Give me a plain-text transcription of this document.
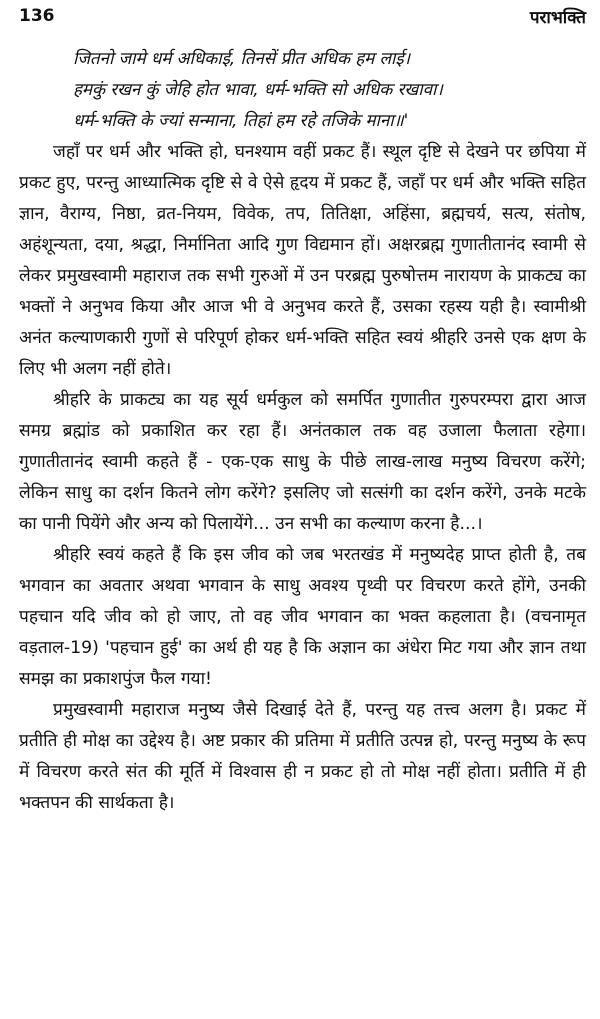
136	पराभक्ति
जितनो जामे धर्म अधिकाई, तिनसें प्रीत अधिक हम लाई।
हमकुं रखन कुं जेहि होत भावा, धर्म-भक्ति सो अधिक रखावा।
धर्म-भक्ति के ज्यां सन्माना, तिहां हम रहे तजिके माना॥'

जहाँ पर धर्म और भक्ति हो, घनश्याम वहीं प्रकट हैं। स्थूल दृष्टि से देखने पर छपिया में प्रकट हुए, परन्तु आध्यात्मिक दृष्टि से वे ऐसे हृदय में प्रकट हैं, जहाँ पर धर्म और भक्ति सहित ज्ञान, वैराग्य, निष्ठा, व्रत-नियम, विवेक, तप, तितिक्षा, अहिंसा, ब्रह्मचर्य, सत्य, संतोष, अहंशून्यता, दया, श्रद्धा, निर्मानिता आदि गुण विद्यमान हों। अक्षरब्रह्म गुणातीतानंद स्वामी से लेकर प्रमुखस्वामी महाराज तक सभी गुरुओं में उन परब्रह्म पुरुषोत्तम नारायण के प्राकट्य का भक्तों ने अनुभव किया और आज भी वे अनुभव करते हैं, उसका रहस्य यही है। स्वामीश्री अनंत कल्याणकारी गुणों से परिपूर्ण होकर धर्म-भक्ति सहित स्वयं श्रीहरि उनसे एक क्षण के लिए भी अलग नहीं होते।

श्रीहरि के प्राकट्य का यह सूर्य धर्मकुल को समर्पित गुणातीत गुरुपरम्परा द्वारा आज समग्र ब्रह्मांड को प्रकाशित कर रहा हैं। अनंतकाल तक वह उजाला फैलाता रहेगा। गुणातीतानंद स्वामी कहते हैं - एक-एक साधु के पीछे लाख-लाख मनुष्य विचरण करेंगे; लेकिन साधु का दर्शन कितने लोग करेंगे? इसलिए जो सत्संगी का दर्शन करेंगे, उनके मटके का पानी पियेंगे और अन्य को पिलायेंगे... उन सभी का कल्याण करना है...।

श्रीहरि स्वयं कहते हैं कि इस जीव को जब भरतखंड में मनुष्यदेह प्राप्त होती है, तब भगवान का अवतार अथवा भगवान के साधु अवश्य पृथ्वी पर विचरण करते होंगे, उनकी पहचान यदि जीव को हो जाए, तो वह जीव भगवान का भक्त कहलाता है। (वचनामृत वड़ताल-19) 'पहचान हुई' का अर्थ ही यह है कि अज्ञान का अंधेरा मिट गया और ज्ञान तथा समझ का प्रकाशपुंज फैल गया!

प्रमुखस्वामी महाराज मनुष्य जैसे दिखाई देते हैं, परन्तु यह तत्त्व अलग है। प्रकट में प्रतीति ही मोक्ष का उद्देश्य है। अष्ट प्रकार की प्रतिमा में प्रतीति उत्पन्न हो, परन्तु मनुष्य के रूप में विचरण करते संत की मूर्ति में विश्वास ही न प्रकट हो तो मोक्ष नहीं होता। प्रतीति में ही भक्तपन की सार्थकता है।
